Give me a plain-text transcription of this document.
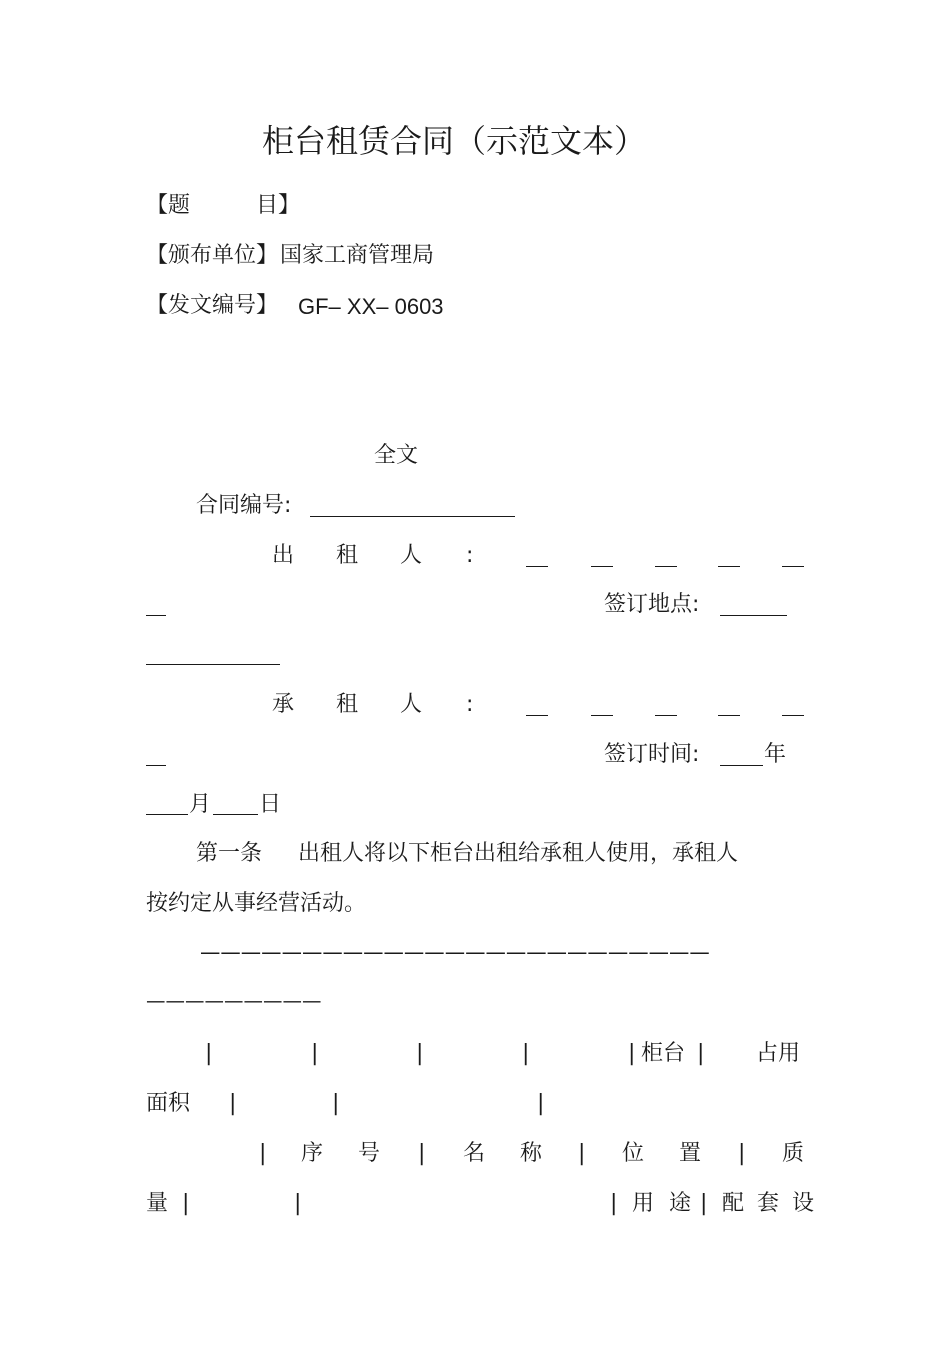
柜台租赁合同（示范文本）
【题　　　目】
【颁布单位】 国家工商管理局
【发文编号】 GF– XX– 0603
全文
合同编号:
出 租 人 :
签订地点:
承 租 人 :
签订时间:	年
月 日
第一条 出租人将以下柜台出租给承租人使用，承租人
按约定从事经营活动。
—————————————————————————
—————————
|	|	|	|	| 柜台 | 占用
面积 |	|	|
| 序 号 | 名 称 | 位 置 | 质
量 |	|	| 用 途 | 配 套 设
